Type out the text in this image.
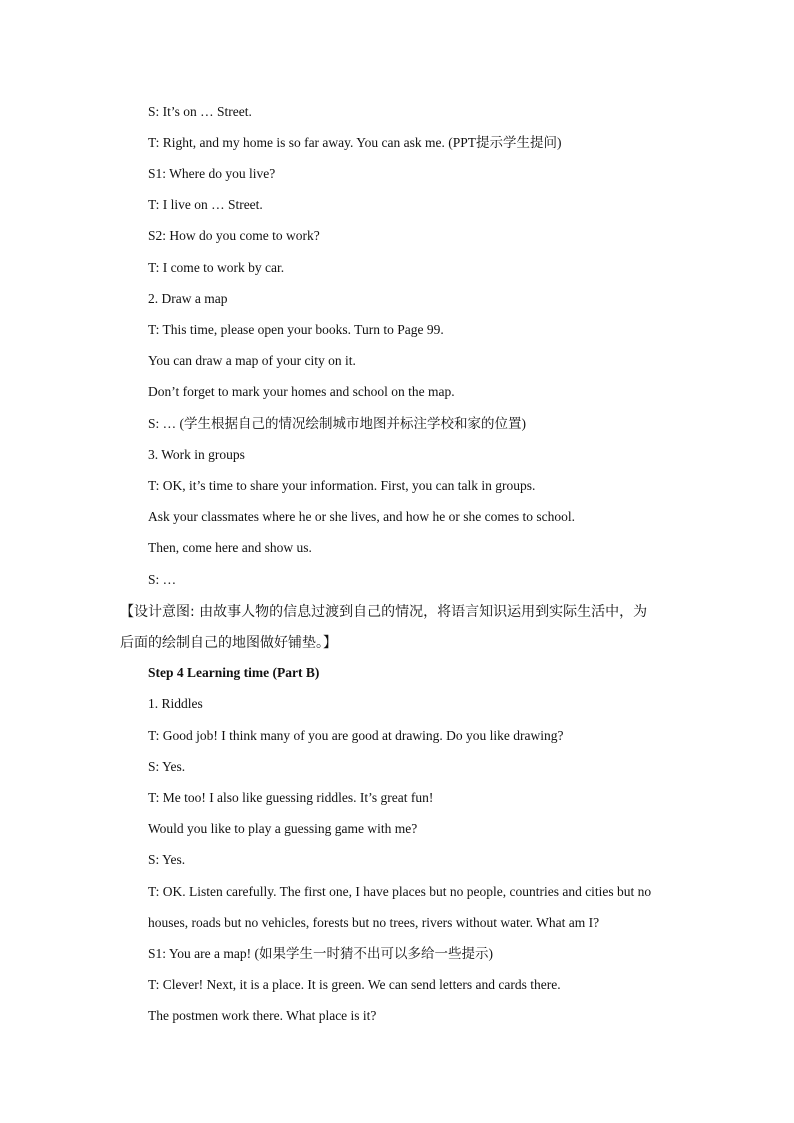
S: It’s on … Street.
T: Right, and my home is so far away. You can ask me. (PPT提示学生提问)
S1: Where do you live?
T: I live on … Street.
S2: How do you come to work?
T: I come to work by car.
2. Draw a map
T: This time, please open your books. Turn to Page 99.
You can draw a map of your city on it.
Don’t forget to mark your homes and school on the map.
S: … (学生根据自己的情况绘制城市地图并标注学校和家的位置)
3. Work in groups
T: OK, it’s time to share your information. First, you can talk in groups.
Ask your classmates where he or she lives, and how he or she comes to school.
Then, come here and show us.
S: …
【设计意图: 由故事人物的信息过渡到自己的情况，将语言知识运用到实际生活中，为
后面的绘制自己的地图做好铺垫。】
Step 4 Learning time (Part B)
1. Riddles
T: Good job! I think many of you are good at drawing. Do you like drawing?
S: Yes.
T: Me too! I also like guessing riddles. It’s great fun!
Would you like to play a guessing game with me?
S: Yes.
T: OK. Listen carefully. The first one, I have places but no people, countries and cities but no houses, roads but no vehicles, forests but no trees, rivers without water. What am I?
S1: You are a map! (如果学生一时猜不出可以多给一些提示)
T: Clever! Next, it is a place. It is green. We can send letters and cards there.
The postmen work there. What place is it?
